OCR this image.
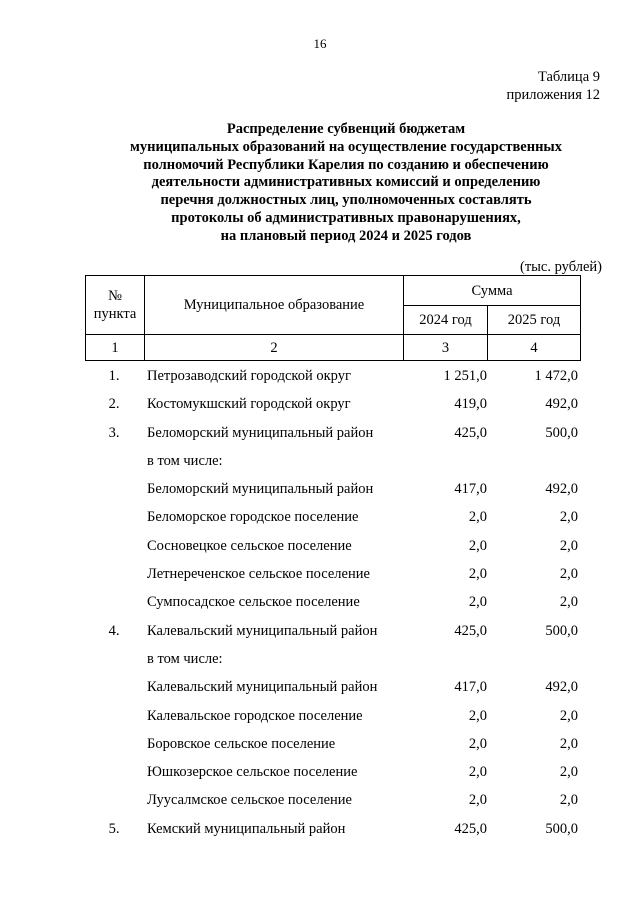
16
Таблица 9
приложения 12
Распределение субвенций бюджетам
муниципальных образований на осуществление государственных
полномочий Республики Карелия по созданию и обеспечению
деятельности административных комиссий и определению
перечня должностных лиц, уполномоченных составлять
протоколы об административных правонарушениях,
на плановый период 2024 и 2025 годов
(тыс. рублей)
№
пункта	Муниципальное образование	Сумма	
		2024 год	2025 год
1	2	3	4
1.	Петрозаводский городской округ	1 251,0	1 472,0
2.	Костомукшский городской округ	419,0	492,0
3.	Беломорский муниципальный район	425,0	500,0
в том числе:
Беломорский муниципальный район	417,0	492,0
Беломорское городское поселение	2,0	2,0
Сосновецкое сельское поселение	2,0	2,0
Летнереченское сельское поселение	2,0	2,0
Сумпосадское сельское поселение	2,0	2,0
4.	Калевальский муниципальный район	425,0	500,0
в том числе:
Калевальский муниципальный район	417,0	492,0
Калевальское городское поселение	2,0	2,0
Боровское сельское поселение	2,0	2,0
Юшкозерское сельское поселение	2,0	2,0
Луусалмское сельское поселение	2,0	2,0
5.	Кемский муниципальный район	425,0	500,0
